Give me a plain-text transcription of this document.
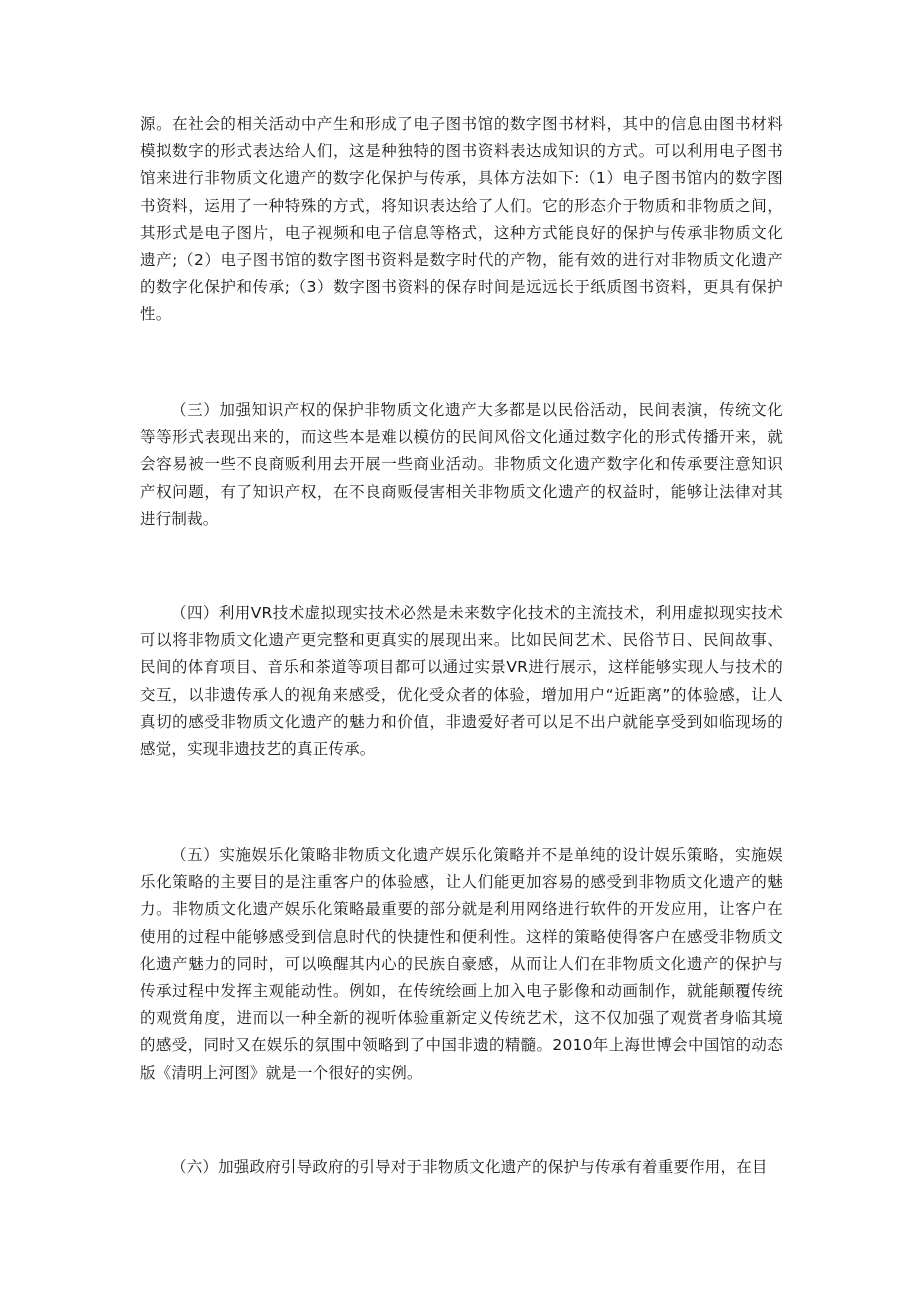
源。在社会的相关活动中产生和形成了电子图书馆的数字图书材料，其中的信息由图书材料模拟数字的形式表达给人们，这是种独特的图书资料表达成知识的方式。可以利用电子图书馆来进行非物质文化遗产的数字化保护与传承，具体方法如下:（1）电子图书馆内的数字图书资料，运用了一种特殊的方式，将知识表达给了人们。它的形态介于物质和非物质之间，其形式是电子图片，电子视频和电子信息等格式，这种方式能良好的保护与传承非物质文化遗产;（2）电子图书馆的数字图书资料是数字时代的产物，能有效的进行对非物质文化遗产的数字化保护和传承;（3）数字图书资料的保存时间是远远长于纸质图书资料，更具有保护性。

（三）加强知识产权的保护非物质文化遗产大多都是以民俗活动，民间表演，传统文化等等形式表现出来的，而这些本是难以模仿的民间风俗文化通过数字化的形式传播开来，就会容易被一些不良商贩利用去开展一些商业活动。非物质文化遗产数字化和传承要注意知识产权问题，有了知识产权，在不良商贩侵害相关非物质文化遗产的权益时，能够让法律对其进行制裁。

（四）利用VR技术虚拟现实技术必然是未来数字化技术的主流技术，利用虚拟现实技术可以将非物质文化遗产更完整和更真实的展现出来。比如民间艺术、民俗节日、民间故事、民间的体育项目、音乐和茶道等项目都可以通过实景VR进行展示，这样能够实现人与技术的交互，以非遗传承人的视角来感受，优化受众者的体验，增加用户“近距离”的体验感，让人真切的感受非物质文化遗产的魅力和价值，非遗爱好者可以足不出户就能享受到如临现场的感觉，实现非遗技艺的真正传承。

（五）实施娱乐化策略非物质文化遗产娱乐化策略并不是单纯的设计娱乐策略，实施娱乐化策略的主要目的是注重客户的体验感，让人们能更加容易的感受到非物质文化遗产的魅力。非物质文化遗产娱乐化策略最重要的部分就是利用网络进行软件的开发应用，让客户在使用的过程中能够感受到信息时代的快捷性和便利性。这样的策略使得客户在感受非物质文化遗产魅力的同时，可以唤醒其内心的民族自豪感，从而让人们在非物质文化遗产的保护与传承过程中发挥主观能动性。例如，在传统绘画上加入电子影像和动画制作，就能颠覆传统的观赏角度，进而以一种全新的视听体验重新定义传统艺术，这不仅加强了观赏者身临其境的感受，同时又在娱乐的氛围中领略到了中国非遗的精髓。2010年上海世博会中国馆的动态版《清明上河图》就是一个很好的实例。

（六）加强政府引导政府的引导对于非物质文化遗产的保护与传承有着重要作用，在目
